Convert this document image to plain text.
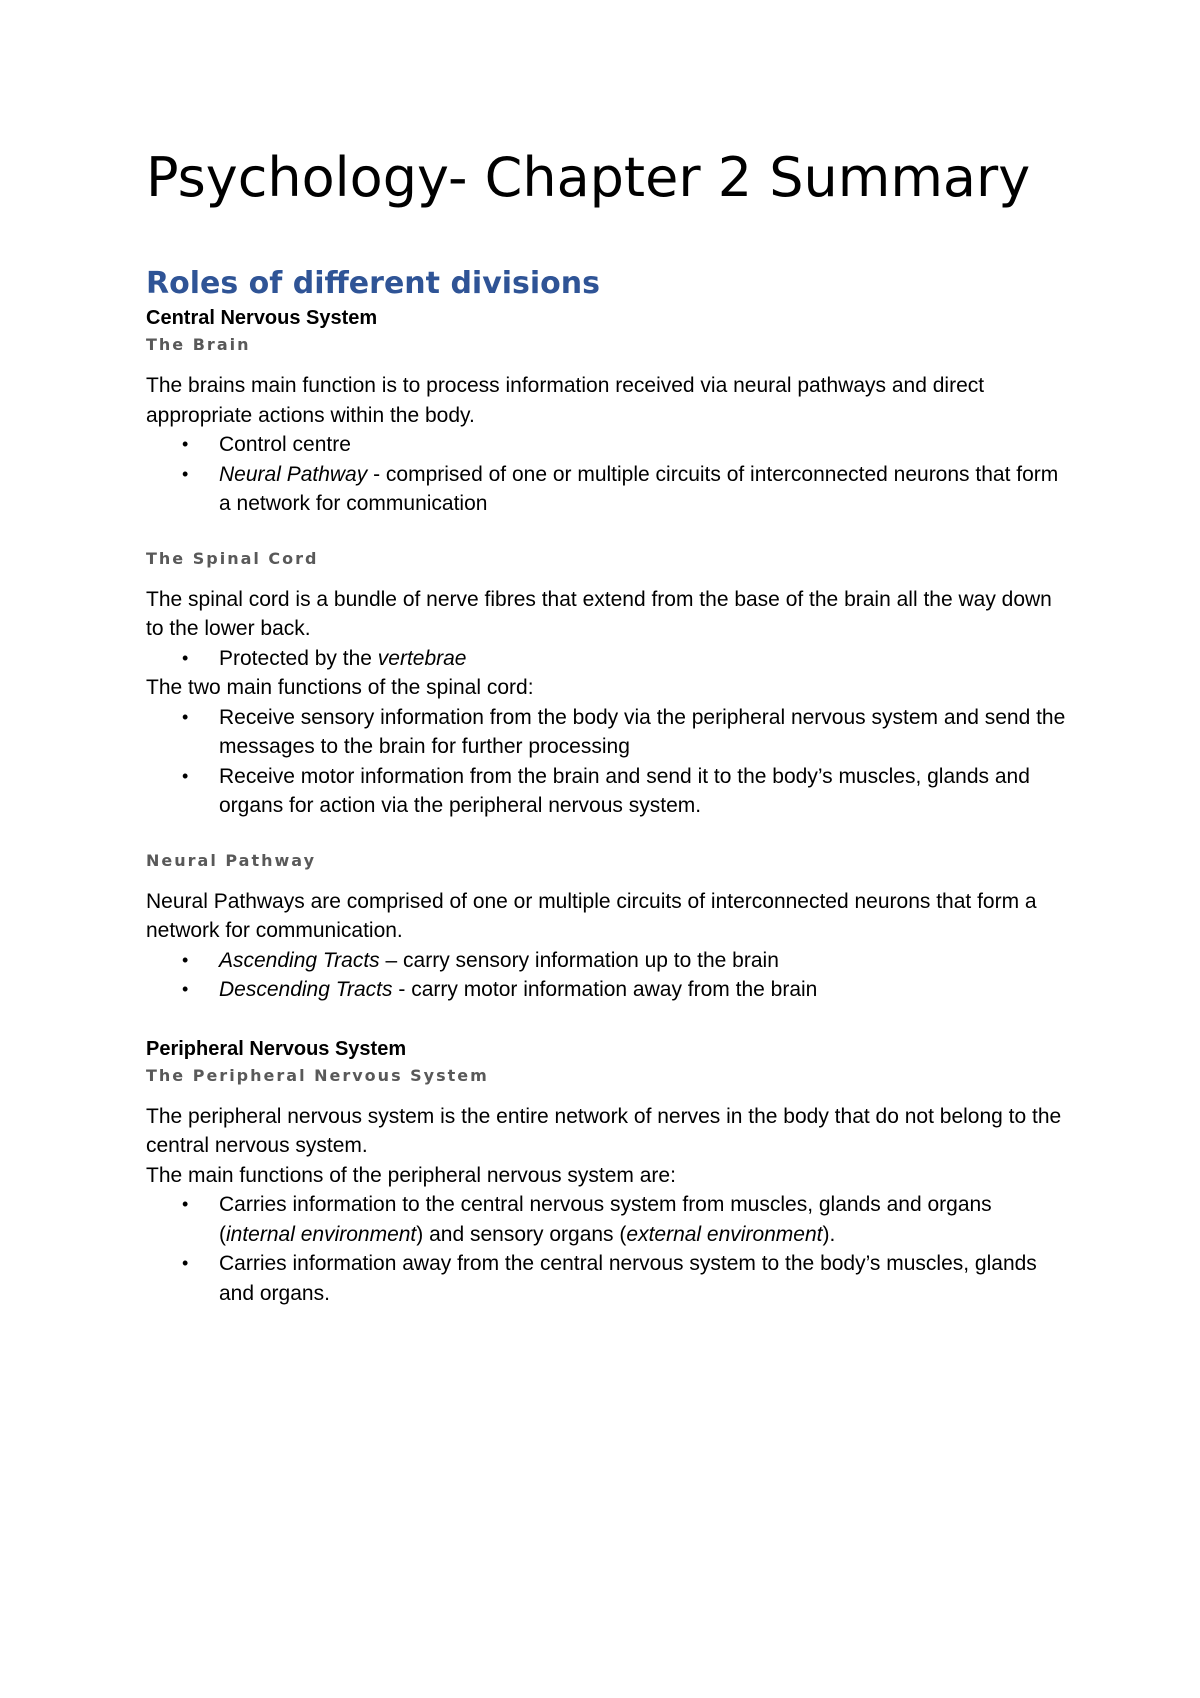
Psychology- Chapter 2 Summary
Roles of different divisions
Central Nervous System
The Brain

The brains main function is to process information received via neural pathways and direct appropriate actions within the body.

• Control centre
• Neural Pathway - comprised of one or multiple circuits of interconnected neurons that form a network for communication
The Spinal Cord

The spinal cord is a bundle of nerve fibres that extend from the base of the brain all the way down to the lower back.

• Protected by the vertebrae

The two main functions of the spinal cord:

• Receive sensory information from the body via the peripheral nervous system and send the messages to the brain for further processing
• Receive motor information from the brain and send it to the body’s muscles, glands and organs for action via the peripheral nervous system.
Neural Pathway

Neural Pathways are comprised of one or multiple circuits of interconnected neurons that form a network for communication.

• Ascending Tracts – carry sensory information up to the brain
• Descending Tracts - carry motor information away from the brain
Peripheral Nervous System
The Peripheral Nervous System

The peripheral nervous system is the entire network of nerves in the body that do not belong to the central nervous system.

The main functions of the peripheral nervous system are:

• Carries information to the central nervous system from muscles, glands and organs (internal environment) and sensory organs (external environment).
• Carries information away from the central nervous system to the body’s muscles, glands and organs.
